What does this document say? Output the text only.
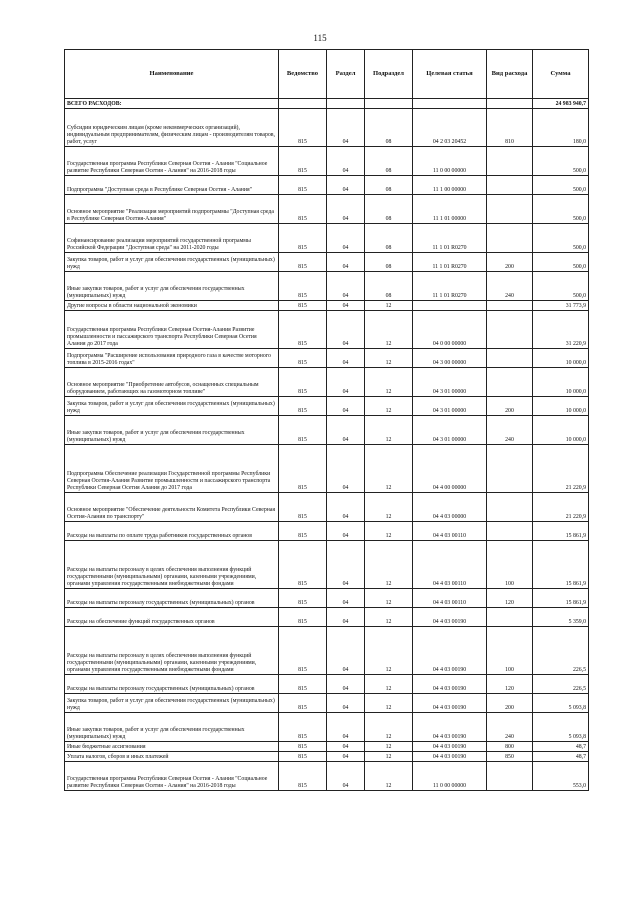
115
Наименование	Ведомство	Раздел	Подраздел	Целевая статья	Вид расхода	Сумма
ВСЕГО РАСХОДОВ:						24 983 940,7
Субсидии юридическим лицам (кроме некоммерческих организаций), индивидуальным предпринимателям, физическим лицам - производителям товаров, работ, услуг	815	04	08	04 2 03 20452	810	180,0
Государственная программа Республики Северная Осетия - Алания "Социальное развитие Республики Северная Осетия - Алания" на 2016-2018 годы	815	04	08	11 0 00 00000		500,0
Подпрограмма "Доступная среда в Республике Северная Осетия - Алания"	815	04	08	11 1 00 00000		500,0
Основное мероприятие "Реализация мероприятий подпрограммы "Доступная среда в Республике Северная Осетия-Алания"	815	04	08	11 1 01 00000		500,0
Софинансирование реализации мероприятий государственной программы Российской Федерации "Доступная среда" на 2011-2020 годы	815	04	08	11 1 01 R0270		500,0
Закупка товаров, работ и услуг для обеспечения государственных (муниципальных) нужд	815	04	08	11 1 01 R0270	200	500,0
Иные закупки товаров, работ и услуг для обеспечения государственных (муниципальных) нужд	815	04	08	11 1 01 R0270	240	500,0
Другие вопросы в области национальной экономики	815	04	12			31 773,9
Государственная программа Республики Северная Осетия-Алания Развитие промышленности и пассажирского транспорта Республики Северная Осетия Алания до 2017 года	815	04	12	04 0 00 00000		31 220,9
Подпрограмма "Расширение использования природного газа в качестве моторного топлива в 2015-2016 годах"	815	04	12	04 3 00 00000		10 000,0
Основное мероприятие "Приобретение автобусов, оснащенных специальным оборудованием, работающих на газомоторном топливе"	815	04	12	04 3 01 00000		10 000,0
Закупка товаров, работ и услуг для обеспечения государственных (муниципальных) нужд	815	04	12	04 3 01 00000	200	10 000,0
Иные закупки товаров, работ и услуг для обеспечения государственных (муниципальных) нужд	815	04	12	04 3 01 00000	240	10 000,0
Подпрограмма Обеспечение реализации Государственной программы Республики Северная Осетия-Алания Развитие промышленности и пассажирского транспорта Республики Северная Осетия Алания до 2017 года	815	04	12	04 4 00 00000		21 220,9
Основное мероприятие "Обеспечение деятельности Комитета Республики Северная Осетия-Алания по транспорту"	815	04	12	04 4 03 00000		21 220,9
Расходы на выплаты по оплате труда работников государственных органов	815	04	12	04 4 03 00110		15 861,9
Расходы на выплаты персоналу в целях обеспечения выполнения функций государственными (муниципальными) органами, казенными учреждениями, органами управления государственными внебюджетными фондами	815	04	12	04 4 03 00110	100	15 861,9
Расходы на выплаты персоналу государственных (муниципальных) органов	815	04	12	04 4 03 00110	120	15 861,9
Расходы на обеспечение функций государственных органов	815	04	12	04 4 03 00190		5 359,0
Расходы на выплаты персоналу в целях обеспечения выполнения функций государственными (муниципальными) органами, казенными учреждениями, органами управления государственными внебюджетными фондами	815	04	12	04 4 03 00190	100	226,5
Расходы на выплаты персоналу государственных (муниципальных) органов	815	04	12	04 4 03 00190	120	226,5
Закупка товаров, работ и услуг для обеспечения государственных (муниципальных) нужд	815	04	12	04 4 03 00190	200	5 093,8
Иные закупки товаров, работ и услуг для обеспечения государственных (муниципальных) нужд	815	04	12	04 4 03 00190	240	5 093,8
Иные бюджетные ассигнования	815	04	12	04 4 03 00190	800	48,7
Уплата налогов, сборов и иных платежей	815	04	12	04 4 03 00190	850	48,7
Государственная программа Республики Северная Осетия - Алания "Социальное развитие Республики Северная Осетия - Алания" на 2016-2018 годы	815	04	12	11 0 00 00000		553,0
